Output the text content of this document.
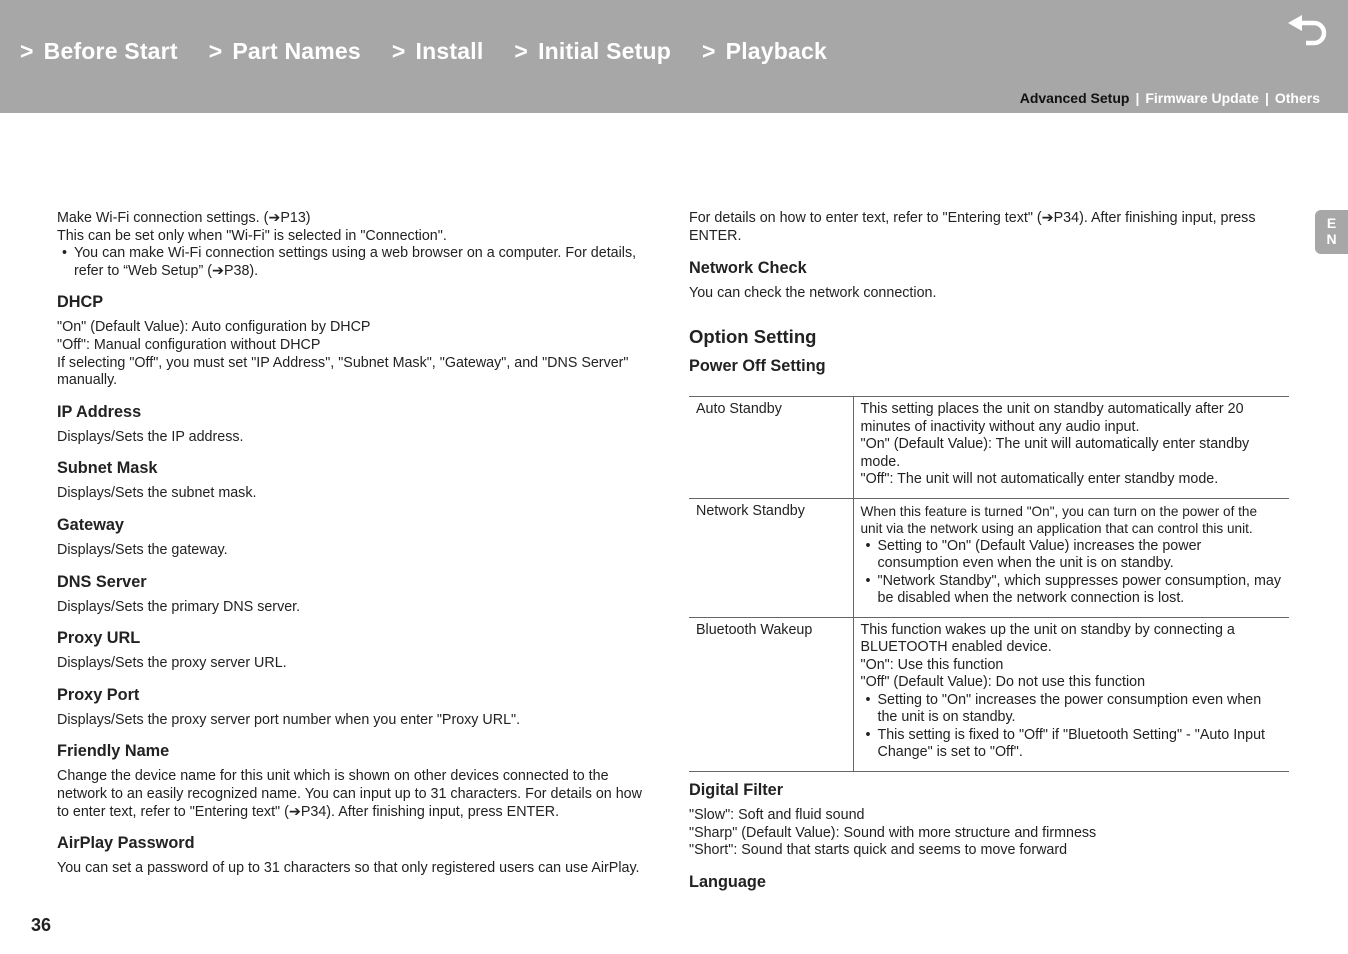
> Before Start > Part Names > Install > Initial Setup > Playback
Advanced Setup | Firmware Update | Others
E
N

Make Wi-Fi connection settings. (➔P13)

This can be set only when "Wi-Fi" is selected in "Connection".

• You can make Wi-Fi connection settings using a web browser on a computer. For details, refer to “Web Setup” (➔P38).

DHCP

"On" (Default Value): Auto configuration by DHCP

"Off": Manual configuration without DHCP

If selecting "Off", you must set "IP Address", "Subnet Mask", "Gateway", and "DNS Server" manually.

IP Address

Displays/Sets the IP address.

Subnet Mask

Displays/Sets the subnet mask.

Gateway

Displays/Sets the gateway.

DNS Server

Displays/Sets the primary DNS server.

Proxy URL

Displays/Sets the proxy server URL.

Proxy Port

Displays/Sets the proxy server port number when you enter "Proxy URL".

Friendly Name

Change the device name for this unit which is shown on other devices connected to the network to an easily recognized name. You can input up to 31 characters. For details on how to enter text, refer to "Entering text" (➔P34). After finishing input, press ENTER.

AirPlay Password

You can set a password of up to 31 characters so that only registered users can use AirPlay.

For details on how to enter text, refer to "Entering text" (➔P34). After finishing input, press ENTER.

Network Check

You can check the network connection.

Option Setting

Power Off Setting

Auto Standby	This setting places the unit on standby automatically after 20 minutes of inactivity without any audio input.

"On" (Default Value): The unit will automatically enter standby mode.

"Off": The unit will not automatically enter standby mode.

Network Standby	When this feature is turned "On", you can turn on the power of the unit via the network using an application that can control this unit.

• Setting to "On" (Default Value) increases the power consumption even when the unit is on standby.

• "Network Standby", which suppresses power consumption, may be disabled when the network connection is lost.

Bluetooth Wakeup	This function wakes up the unit on standby by connecting a BLUETOOTH enabled device.

"On": Use this function

"Off" (Default Value): Do not use this function

• Setting to "On" increases the power consumption even when the unit is on standby.

• This setting is fixed to "Off" if "Bluetooth Setting" - "Auto Input Change" is set to "Off".

Digital Filter

"Slow": Soft and fluid sound

"Sharp" (Default Value): Sound with more structure and firmness

"Short": Sound that starts quick and seems to move forward

Language

36
